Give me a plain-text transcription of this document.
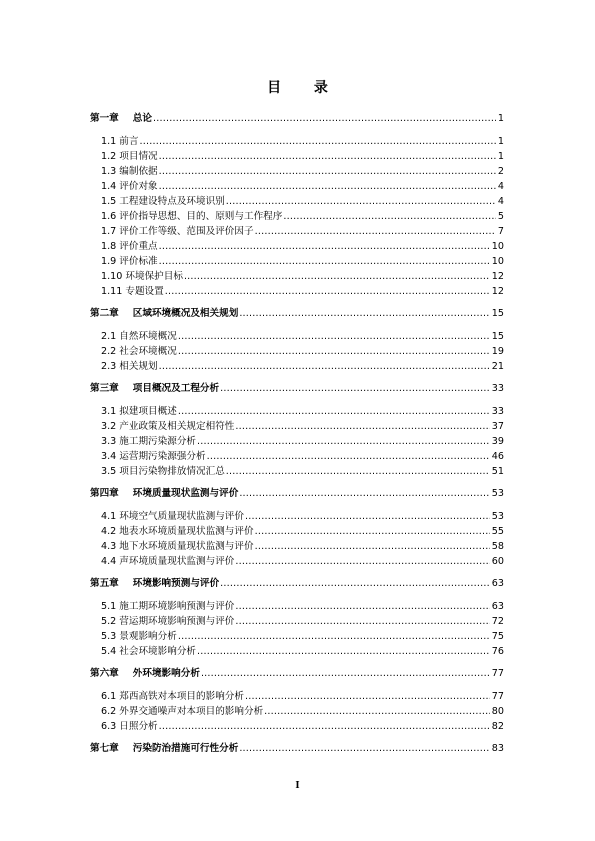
目 录
第一章	总论 .....	1
1.1 前言 .....	1
1.2 项目情况 .....	1
1.3 编制依据 .....	2
1.4 评价对象 .....	4
1.5 工程建设特点及环境识别 .....	4
1.6 评价指导思想、目的、原则与工作程序 .....	5
1.7 评价工作等级、范围及评价因子 .....	7
1.8 评价重点 .....	10
1.9 评价标准 .....	10
1.10 环境保护目标 .....	12
1.11 专题设置 .....	12
第二章	区域环境概况及相关规划 .....	15
2.1 自然环境概况 .....	15
2.2 社会环境概况 .....	19
2.3 相关规划 .....	21
第三章	项目概况及工程分析 .....	33
3.1 拟建项目概述 .....	33
3.2 产业政策及相关规定相符性 .....	37
3.3 施工期污染源分析 .....	39
3.4 运营期污染源强分析 .....	46
3.5 项目污染物排放情况汇总 .....	51
第四章	环境质量现状监测与评价 .....	53
4.1 环境空气质量现状监测与评价 .....	53
4.2 地表水环境质量现状监测与评价 .....	55
4.3 地下水环境质量现状监测与评价 .....	58
4.4 声环境质量现状监测与评价 .....	60
第五章	环境影响预测与评价 .....	63
5.1 施工期环境影响预测与评价 .....	63
5.2 营运期环境影响预测与评价 .....	72
5.3 景观影响分析 .....	75
5.4 社会环境影响分析 .....	76
第六章	外环境影响分析 .....	77
6.1 郑西高铁对本项目的影响分析 .....	77
6.2 外界交通噪声对本项目的影响分析 .....	80
6.3 日照分析 .....	82
第七章	污染防治措施可行性分析 .....	83
I
